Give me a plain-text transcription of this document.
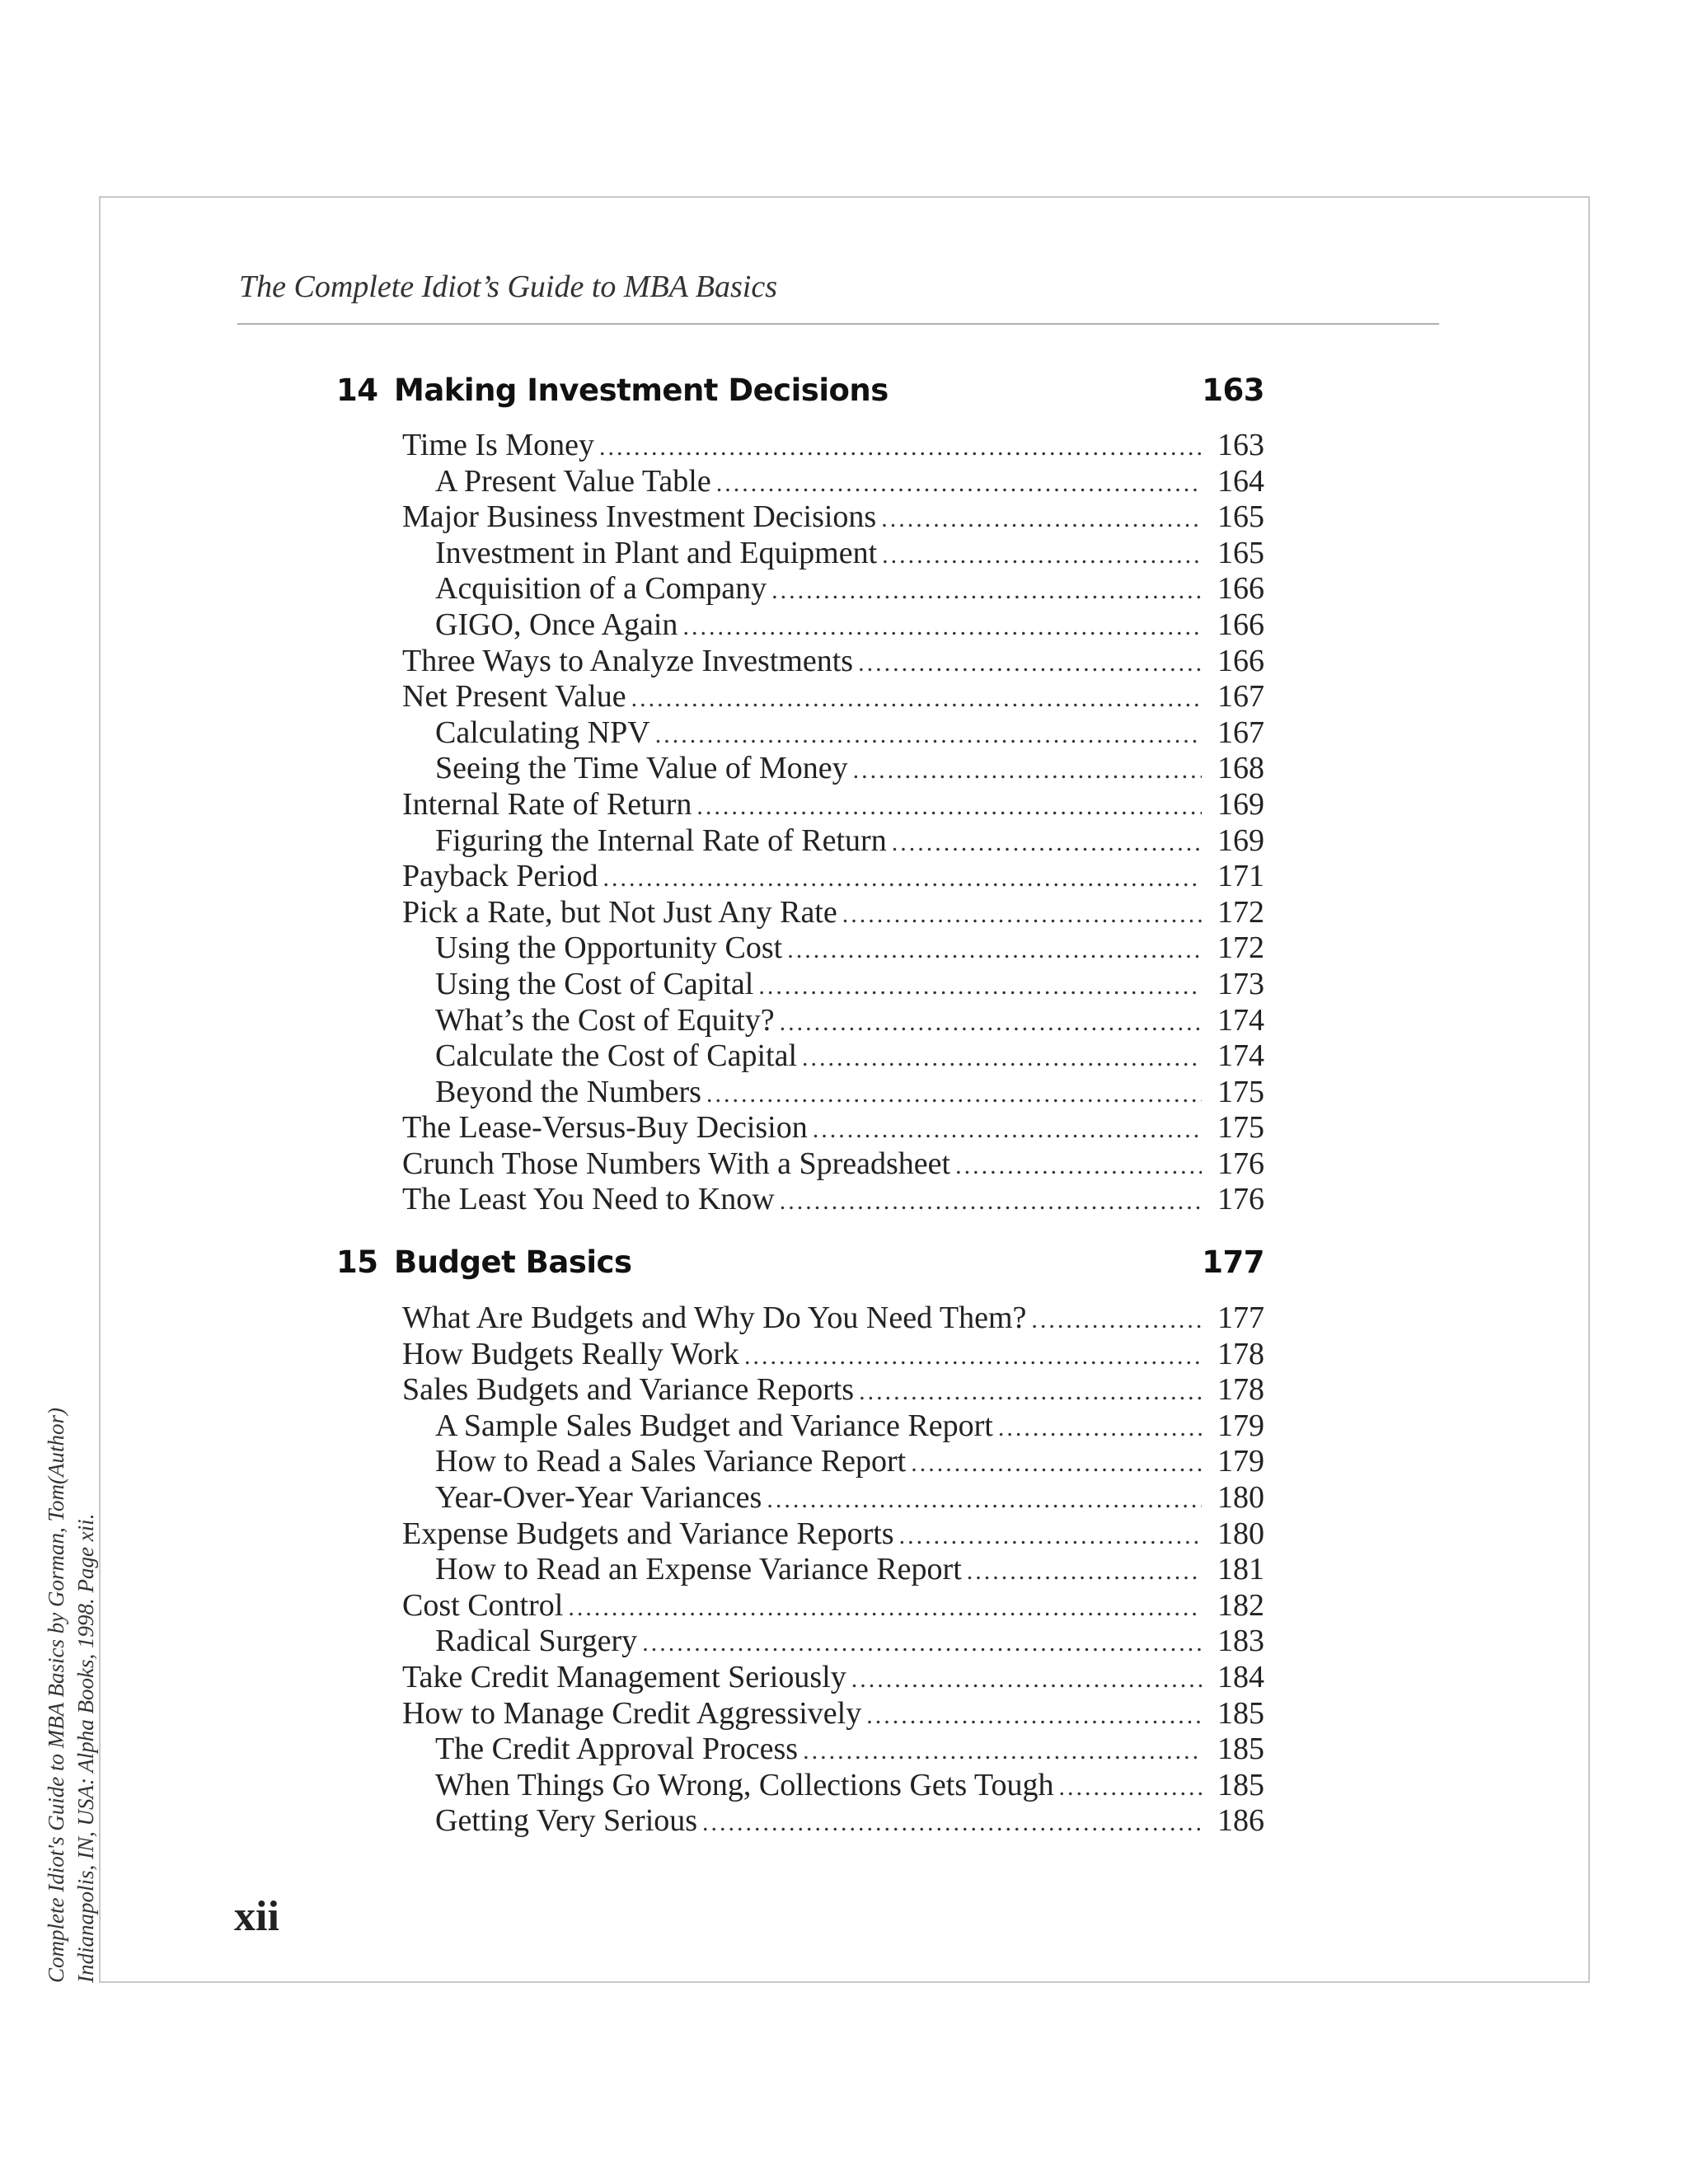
The Complete Idiot’s Guide to MBA Basics
14 Making Investment Decisions	163
Time Is Money .....	163
A Present Value Table .....	164
Major Business Investment Decisions .....	165
Investment in Plant and Equipment .....	165
Acquisition of a Company .....	166
GIGO, Once Again .....	166
Three Ways to Analyze Investments .....	166
Net Present Value .....	167
Calculating NPV .....	167
Seeing the Time Value of Money .....	168
Internal Rate of Return .....	169
Figuring the Internal Rate of Return .....	169
Payback Period .....	171
Pick a Rate, but Not Just Any Rate .....	172
Using the Opportunity Cost .....	172
Using the Cost of Capital .....	173
What’s the Cost of Equity? .....	174
Calculate the Cost of Capital .....	174
Beyond the Numbers .....	175
The Lease-Versus-Buy Decision .....	175
Crunch Those Numbers With a Spreadsheet .....	176
The Least You Need to Know .....	176
15 Budget Basics	177
What Are Budgets and Why Do You Need Them? .....	177
How Budgets Really Work .....	178
Sales Budgets and Variance Reports .....	178
A Sample Sales Budget and Variance Report .....	179
How to Read a Sales Variance Report .....	179
Year-Over-Year Variances .....	180
Expense Budgets and Variance Reports .....	180
How to Read an Expense Variance Report .....	181
Cost Control .....	182
Radical Surgery .....	183
Take Credit Management Seriously .....	184
How to Manage Credit Aggressively .....	185
The Credit Approval Process .....	185
When Things Go Wrong, Collections Gets Tough .....	185
Getting Very Serious .....	186
xii
Complete Idiot's Guide to MBA Basics by Gorman, Tom(Author) Indianapolis, IN, USA: Alpha Books, 1998. Page xii.
